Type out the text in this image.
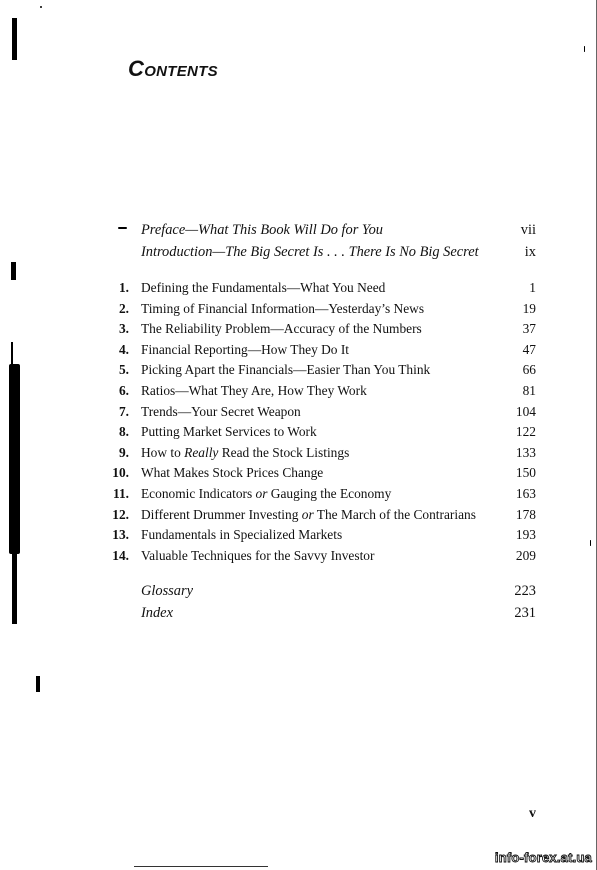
Contents
Preface—What This Book Will Do for You	vii
Introduction—The Big Secret Is . . . There Is No Big Secret	ix
1. Defining the Fundamentals—What You Need	1
2. Timing of Financial Information—Yesterday’s News	19
3. The Reliability Problem—Accuracy of the Numbers	37
4. Financial Reporting—How They Do It	47
5. Picking Apart the Financials—Easier Than You Think	66
6. Ratios—What They Are, How They Work	81
7. Trends—Your Secret Weapon	104
8. Putting Market Services to Work	122
9. How to Really Read the Stock Listings	133
10. What Makes Stock Prices Change	150
11. Economic Indicators or Gauging the Economy	163
12. Different Drummer Investing or The March of the Contrarians	178
13. Fundamentals in Specialized Markets	193
14. Valuable Techniques for the Savvy Investor	209
Glossary	223
Index	231
v
info-forex.at.ua
